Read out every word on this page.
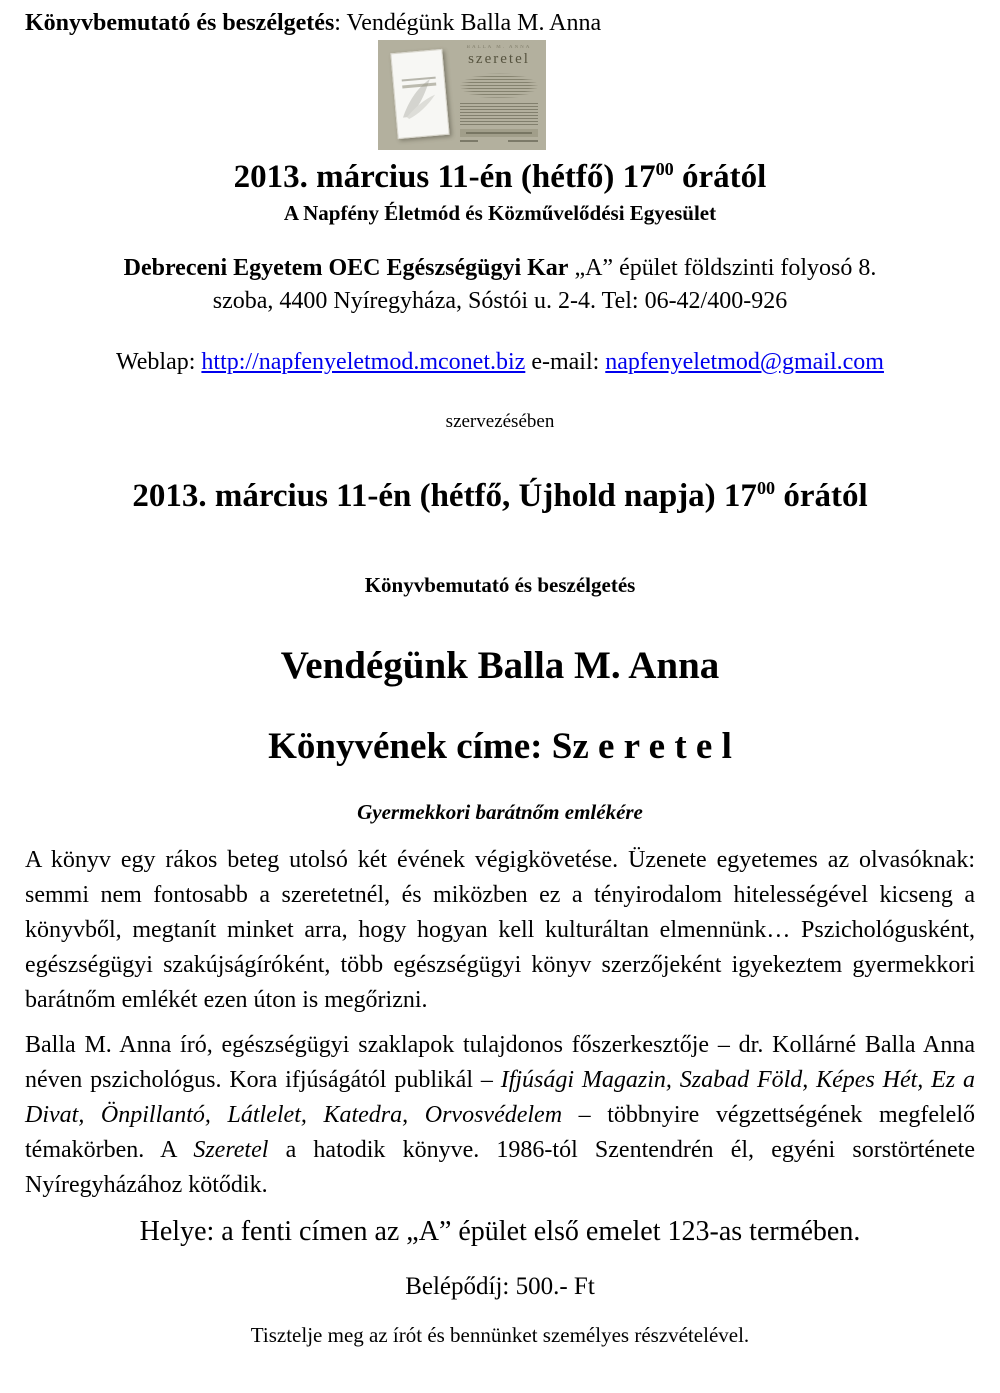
Könyvbemutató és beszélgetés: Vendégünk Balla M. Anna
BALLA M. ANNA
szeretel
2013. március 11-én (hétfő) $17^{00}$ órától
A Napfény Életmód és Közművelődési Egyesület
Debreceni Egyetem OEC Egészségügyi Kar „A” épület földszinti folyosó 8.
szoba, 4400 Nyíregyháza, Sóstói u. 2-4. Tel: 06-42/400-926
Weblap: http://napfenyeletmod.mconet.biz e-mail: napfenyeletmod@gmail.com
szervezésében
2013. március 11-én (hétfő, Újhold napja) $17^{00}$ órától
Könyvbemutató és beszélgetés
Vendégünk Balla M. Anna
Könyvének címe: Sz e r e t e l
Gyermekkori barátnőm emlékére
A könyv egy rákos beteg utolsó két évének végigkövetése. Üzenete egyetemes az olvasóknak: semmi nem fontosabb a szeretetnél, és miközben ez a tényirodalom hitelességével kicseng a könyvből, megtanít minket arra, hogy hogyan kell kulturáltan elmennünk… Pszichológusként, egészségügyi szakújságíróként, több egészségügyi könyv szerzőjeként igyekeztem gyermekkori barátnőm emlékét ezen úton is megőrizni.
Balla M. Anna író, egészségügyi szaklapok tulajdonos főszerkesztője – dr. Kollárné Balla Anna néven pszichológus. Kora ifjúságától publikál – Ifjúsági Magazin, Szabad Föld, Képes Hét, Ez a Divat, Önpillantó, Látlelet, Katedra, Orvosvédelem – többnyire végzettségének megfelelő témakörben. A Szeretel a hatodik könyve. 1986-tól Szentendrén él, egyéni sorstörténete Nyíregyházához kötődik.
Helye: a fenti címen az „A” épület első emelet 123-as termében.
Belépődíj: 500.- Ft
Tisztelje meg az írót és bennünket személyes részvételével.
